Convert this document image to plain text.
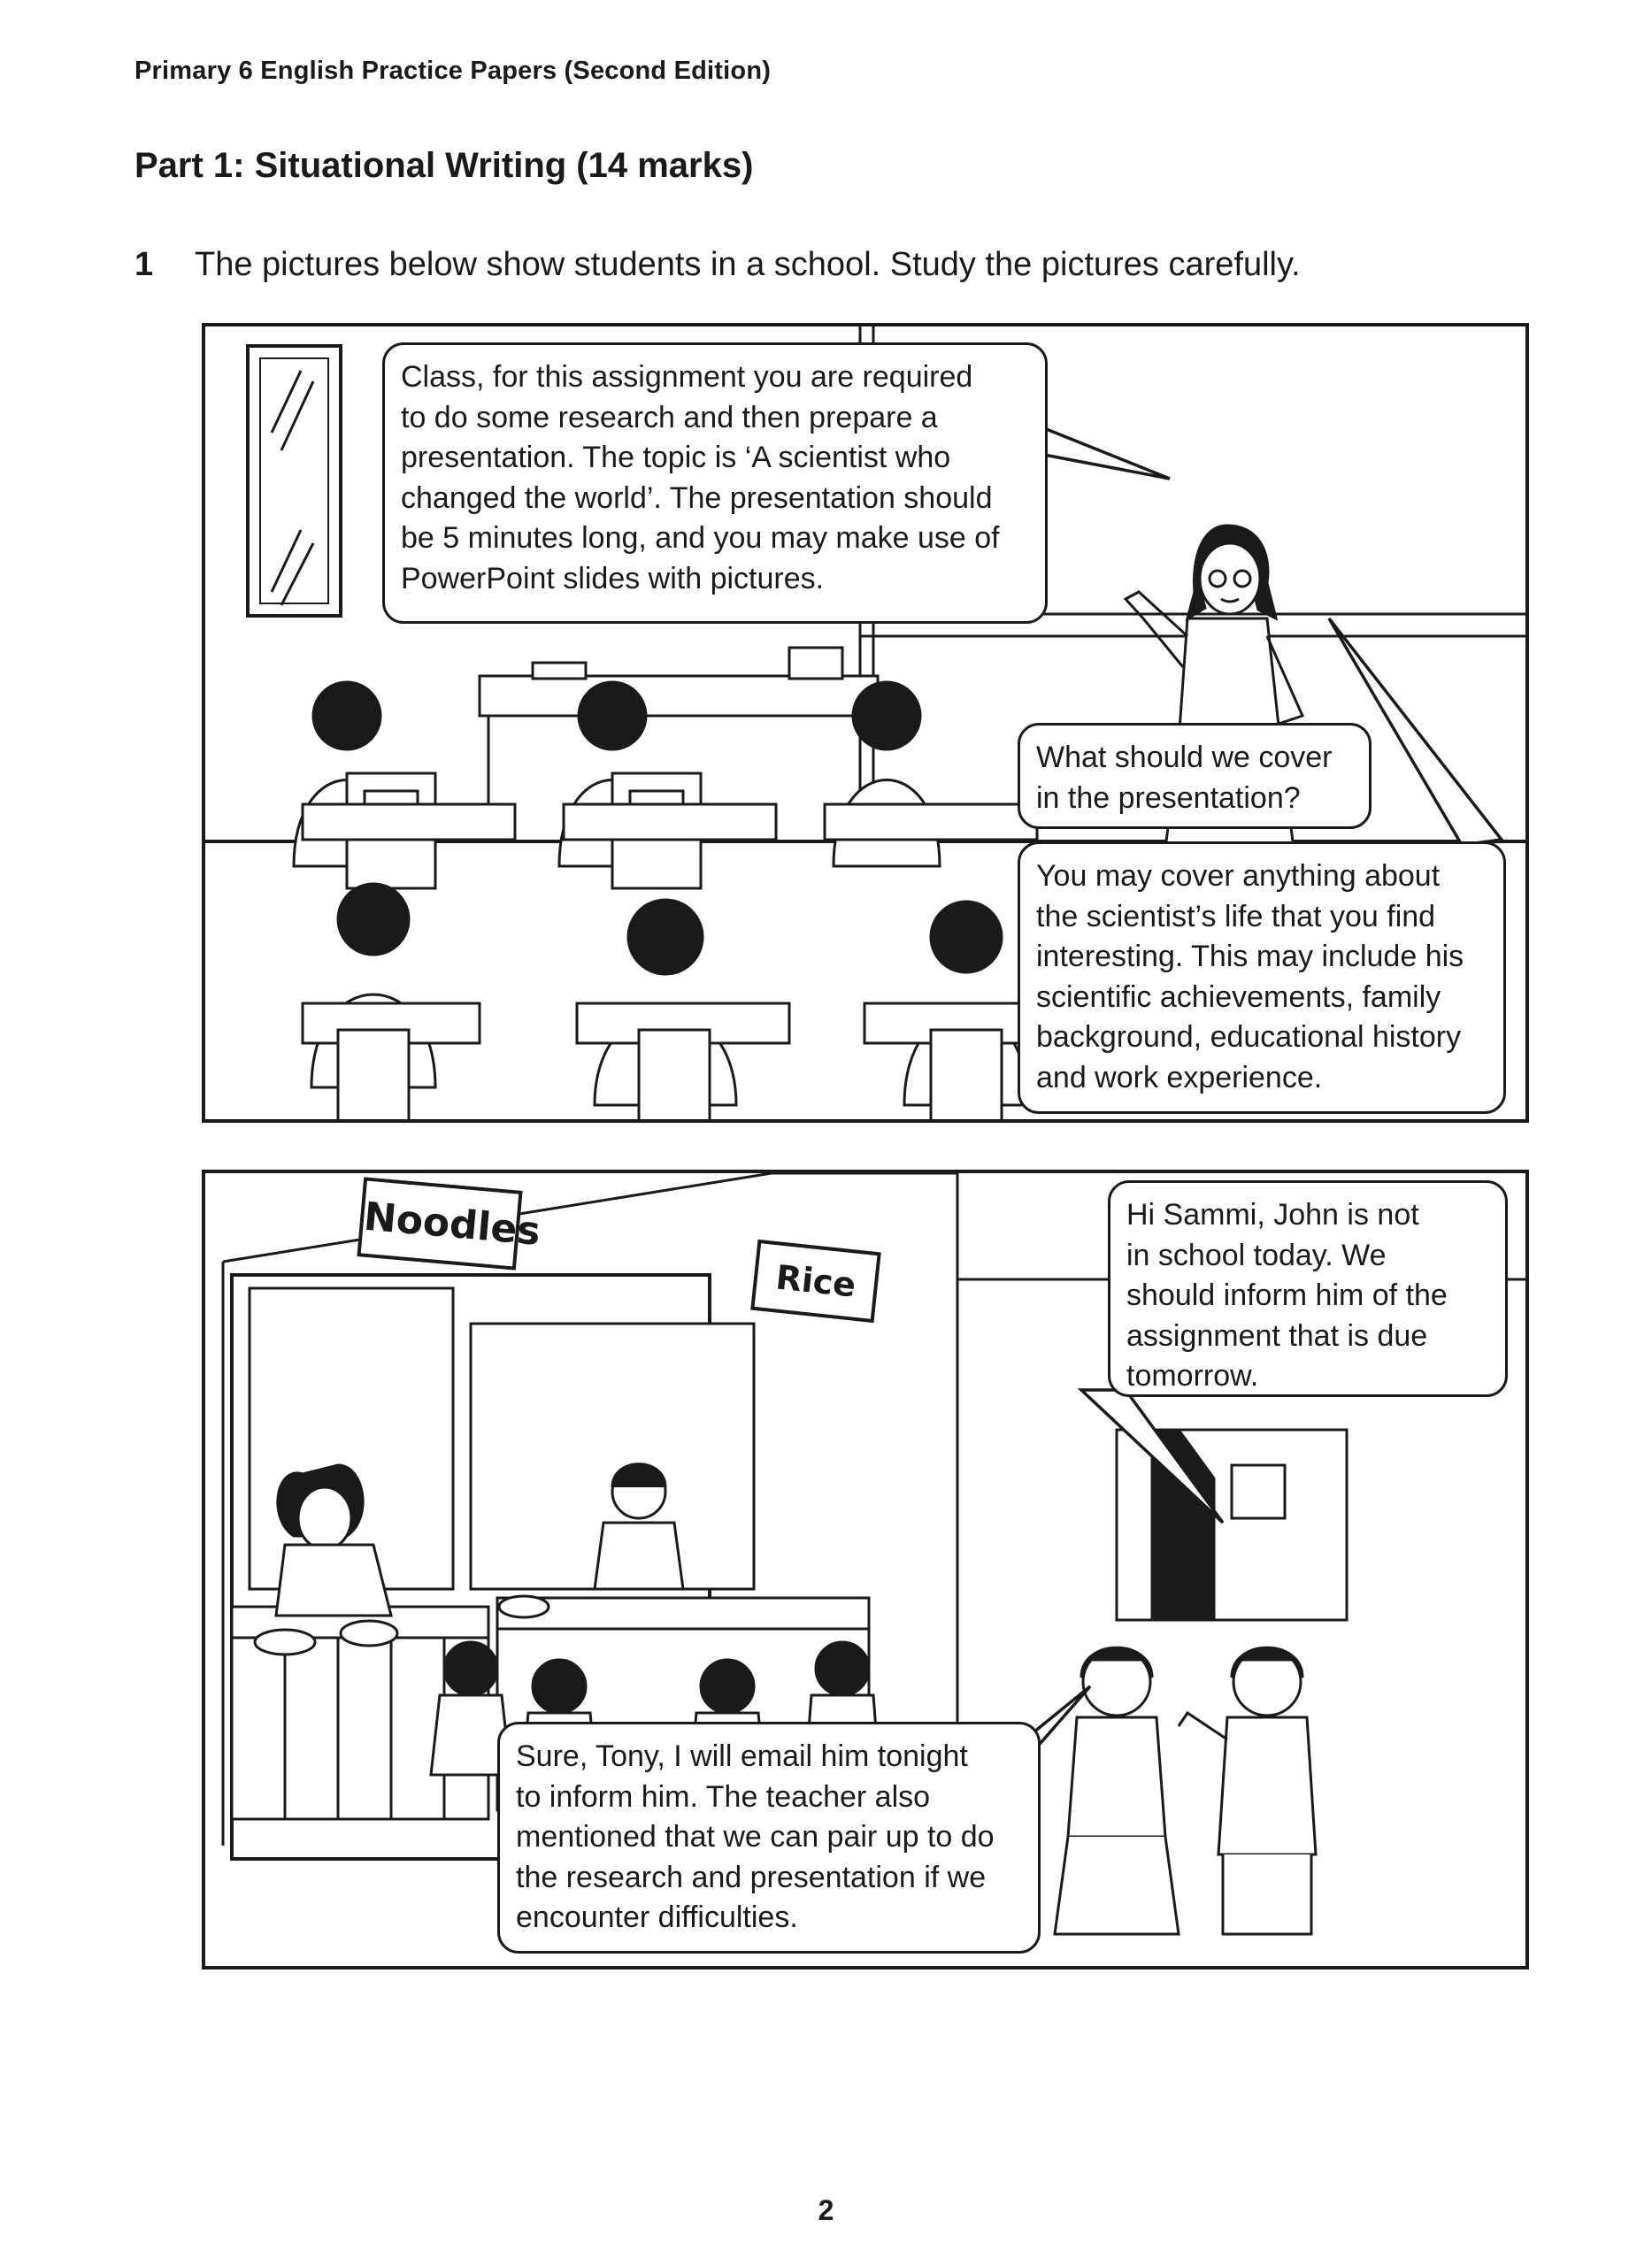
Primary 6 English Practice Papers (Second Edition)
Part 1: Situational Writing (14 marks)
1 The pictures below show students in a school. Study the pictures carefully.
Class, for this assignment you are required
to do some research and then prepare a
presentation. The topic is ‘A scientist who
changed the world’. The presentation should
be 5 minutes long, and you may make use of
PowerPoint slides with pictures.
What should we cover
in the presentation?
You may cover anything about
the scientist’s life that you find
interesting. This may include his
scientific achievements, family
background, educational history
and work experience.
Noodles
Rice
Hi Sammi, John is not
in school today. We
should inform him of the
assignment that is due
tomorrow.
Sure, Tony, I will email him tonight
to inform him. The teacher also
mentioned that we can pair up to do
the research and presentation if we
encounter difficulties.
2
